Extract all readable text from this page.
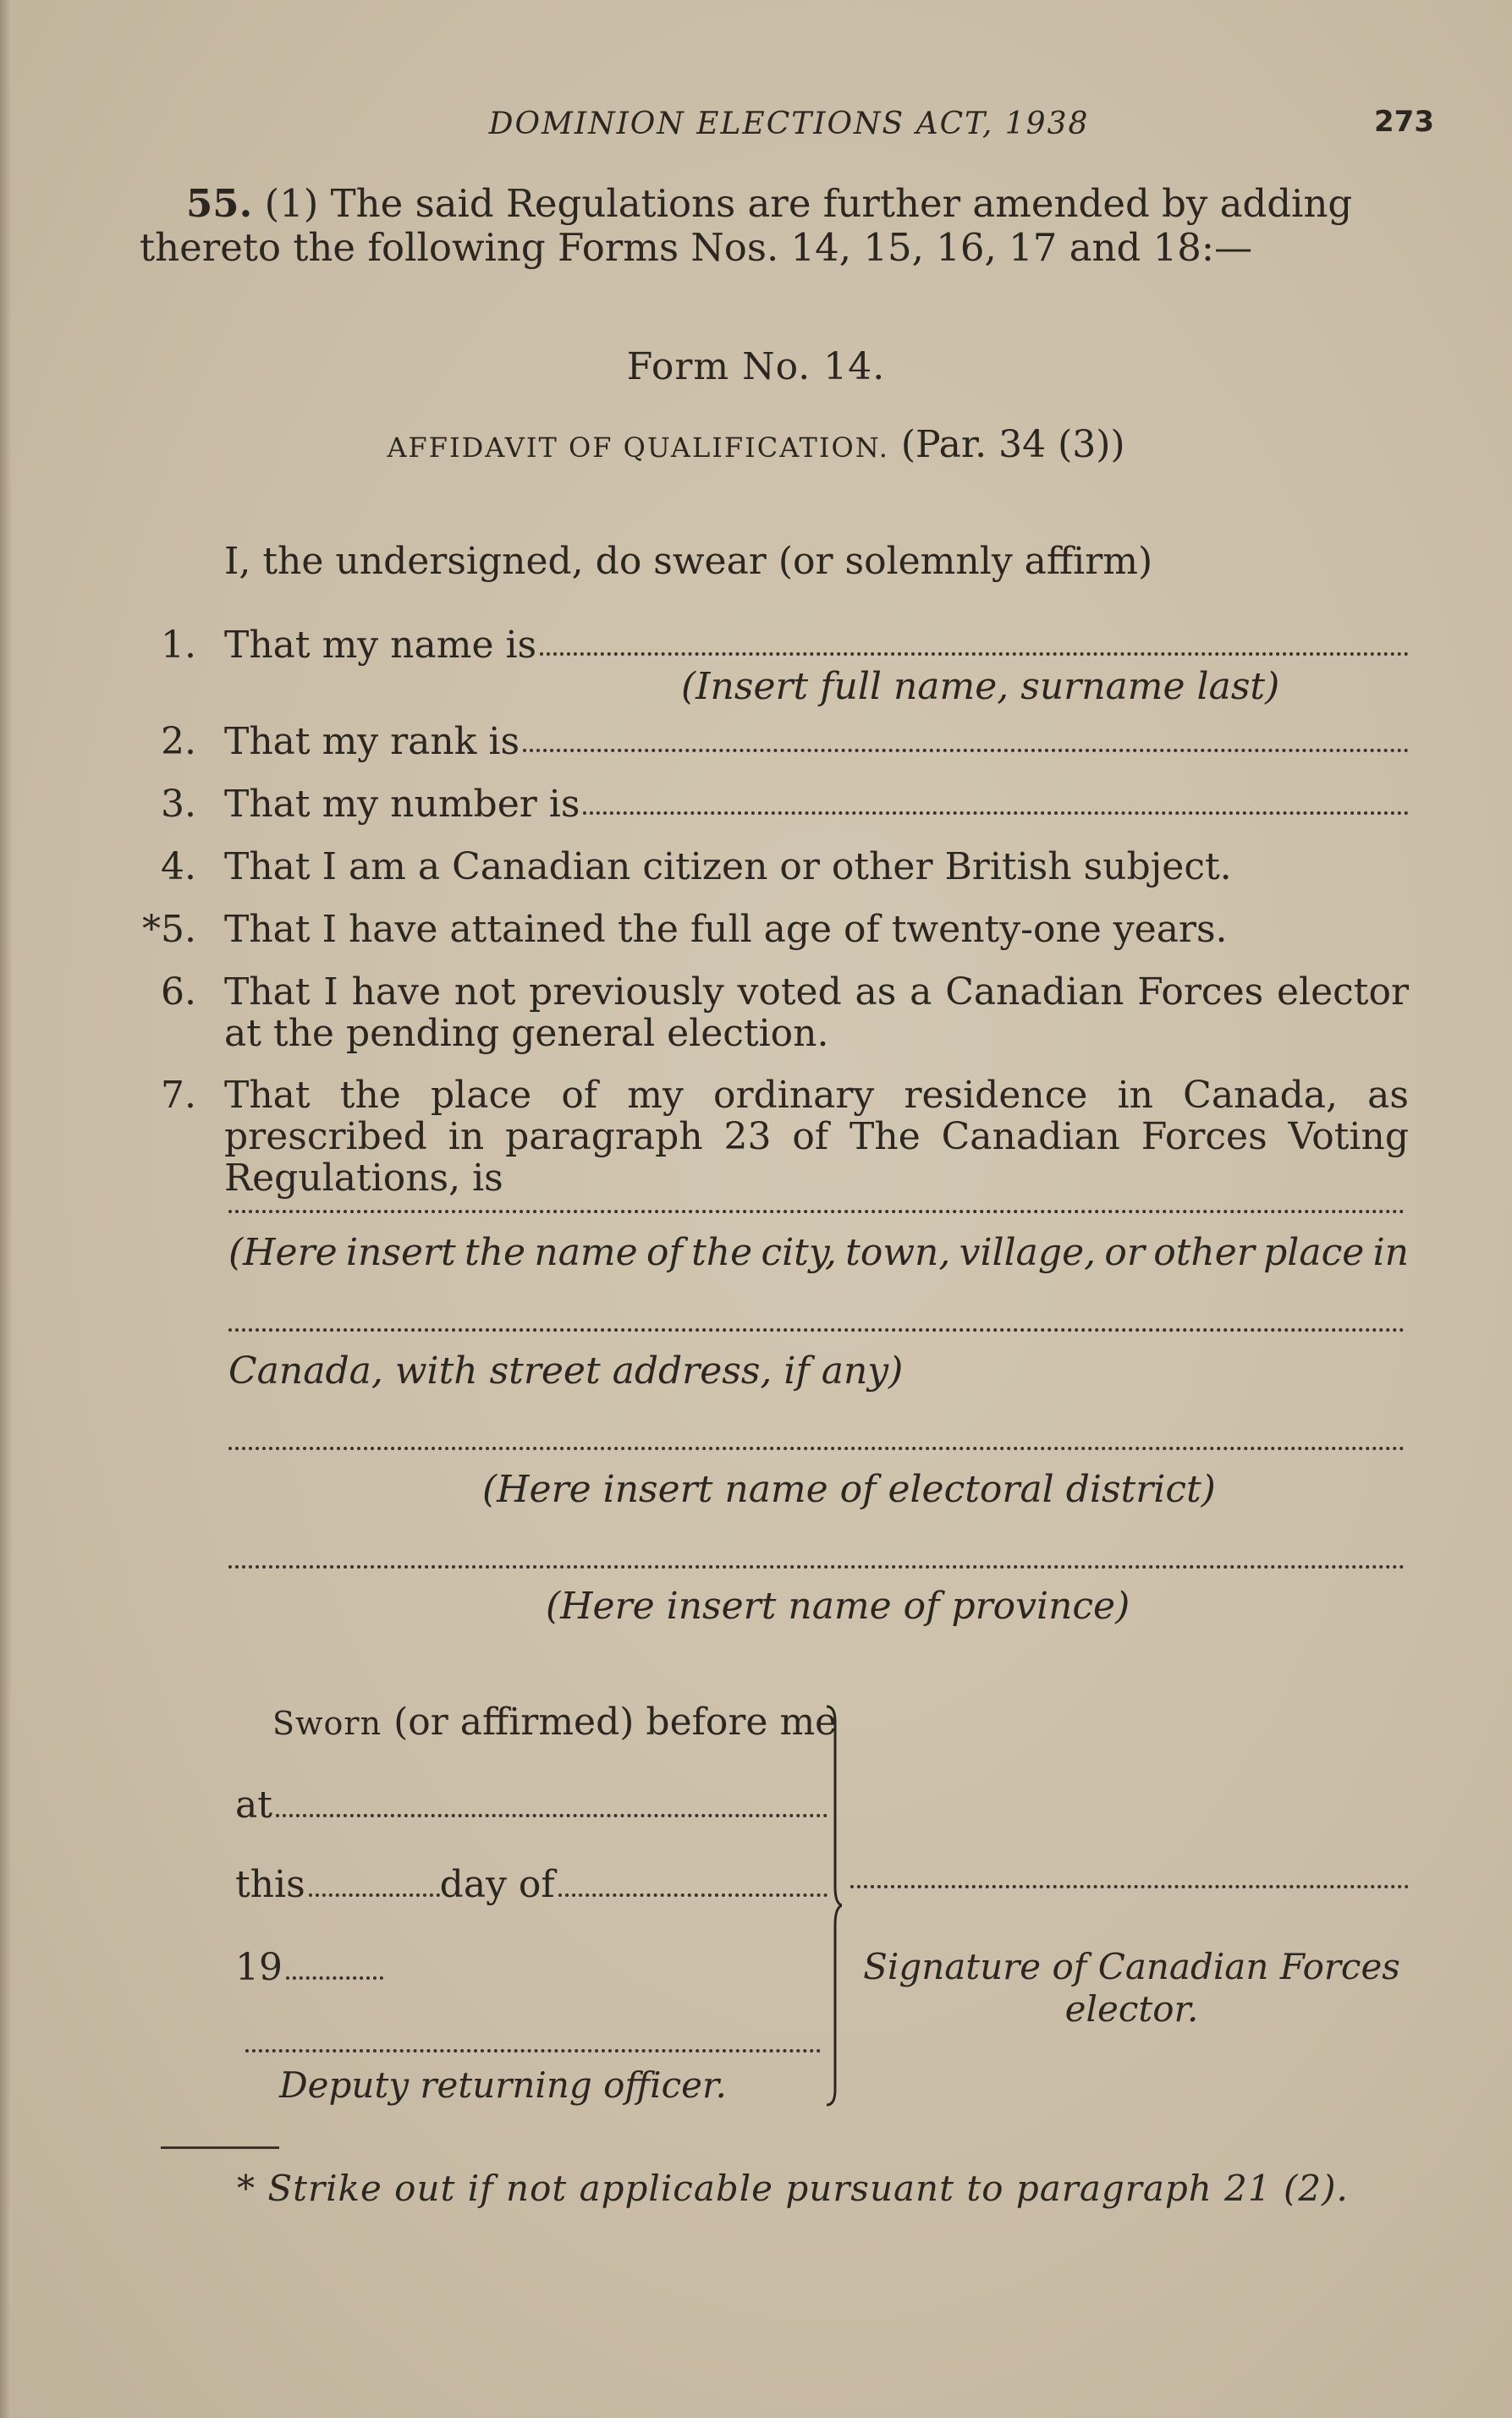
DOMINION ELECTIONS ACT, 1938	273
55. (1) The said Regulations are further amended by adding thereto the following Forms Nos. 14, 15, 16, 17 and 18:—
Form No. 14.
AFFIDAVIT OF QUALIFICATION. (Par. 34 (3))
I, the undersigned, do swear (or solemnly affirm)
1. That my name is
(Insert full name, surname last)
2. That my rank is
3. That my number is
4. That I am a Canadian citizen or other British subject.
*5. That I have attained the full age of twenty-one years.
6. That I have not previously voted as a Canadian Forces elector at the pending general election.
7. That the place of my ordinary residence in Canada, as prescribed in paragraph 23 of The Canadian Forces Voting Regulations, is
(Here insert the name of the city, town, village, or other place in
Canada, with street address, if any)
(Here insert name of electoral district)
(Here insert name of province)
Sworn (or affirmed) before me
at
this	day of
19
Deputy returning officer.
Signature of Canadian Forces elector.
* Strike out if not applicable pursuant to paragraph 21 (2).
